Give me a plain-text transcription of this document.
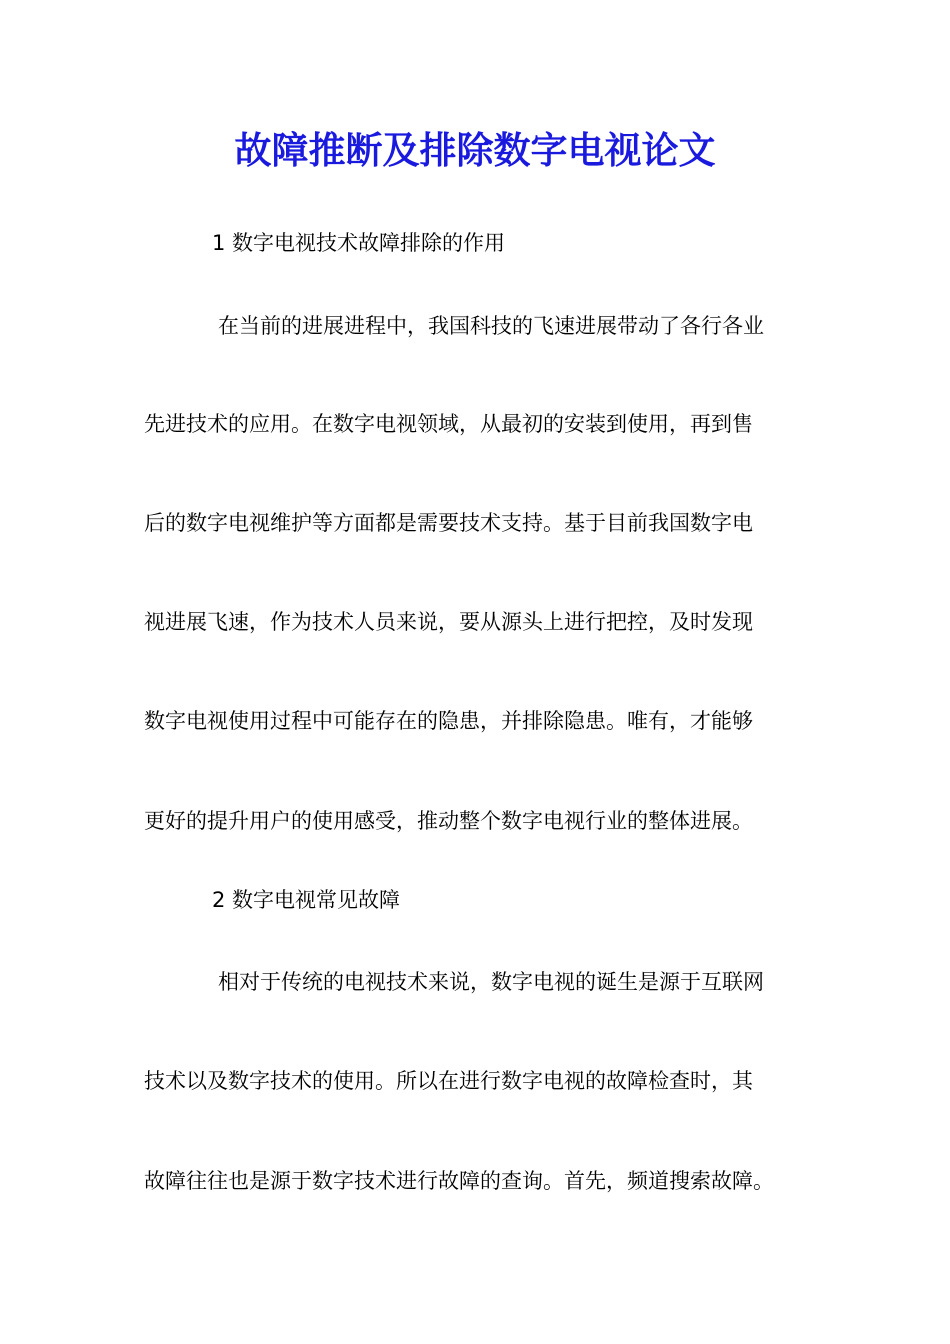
故障推断及排除数字电视论文
1 数字电视技术故障排除的作用
在当前的进展进程中，我国科技的飞速进展带动了各行各业
先进技术的应用。在数字电视领域，从最初的安装到使用，再到售
后的数字电视维护等方面都是需要技术支持。基于目前我国数字电
视进展飞速，作为技术人员来说，要从源头上进行把控，及时发现
数字电视使用过程中可能存在的隐患，并排除隐患。唯有，才能够
更好的提升用户的使用感受，推动整个数字电视行业的整体进展。
2 数字电视常见故障
相对于传统的电视技术来说，数字电视的诞生是源于互联网
技术以及数字技术的使用。所以在进行数字电视的故障检查时，其
故障往往也是源于数字技术进行故障的查询。首先，频道搜索故障。
